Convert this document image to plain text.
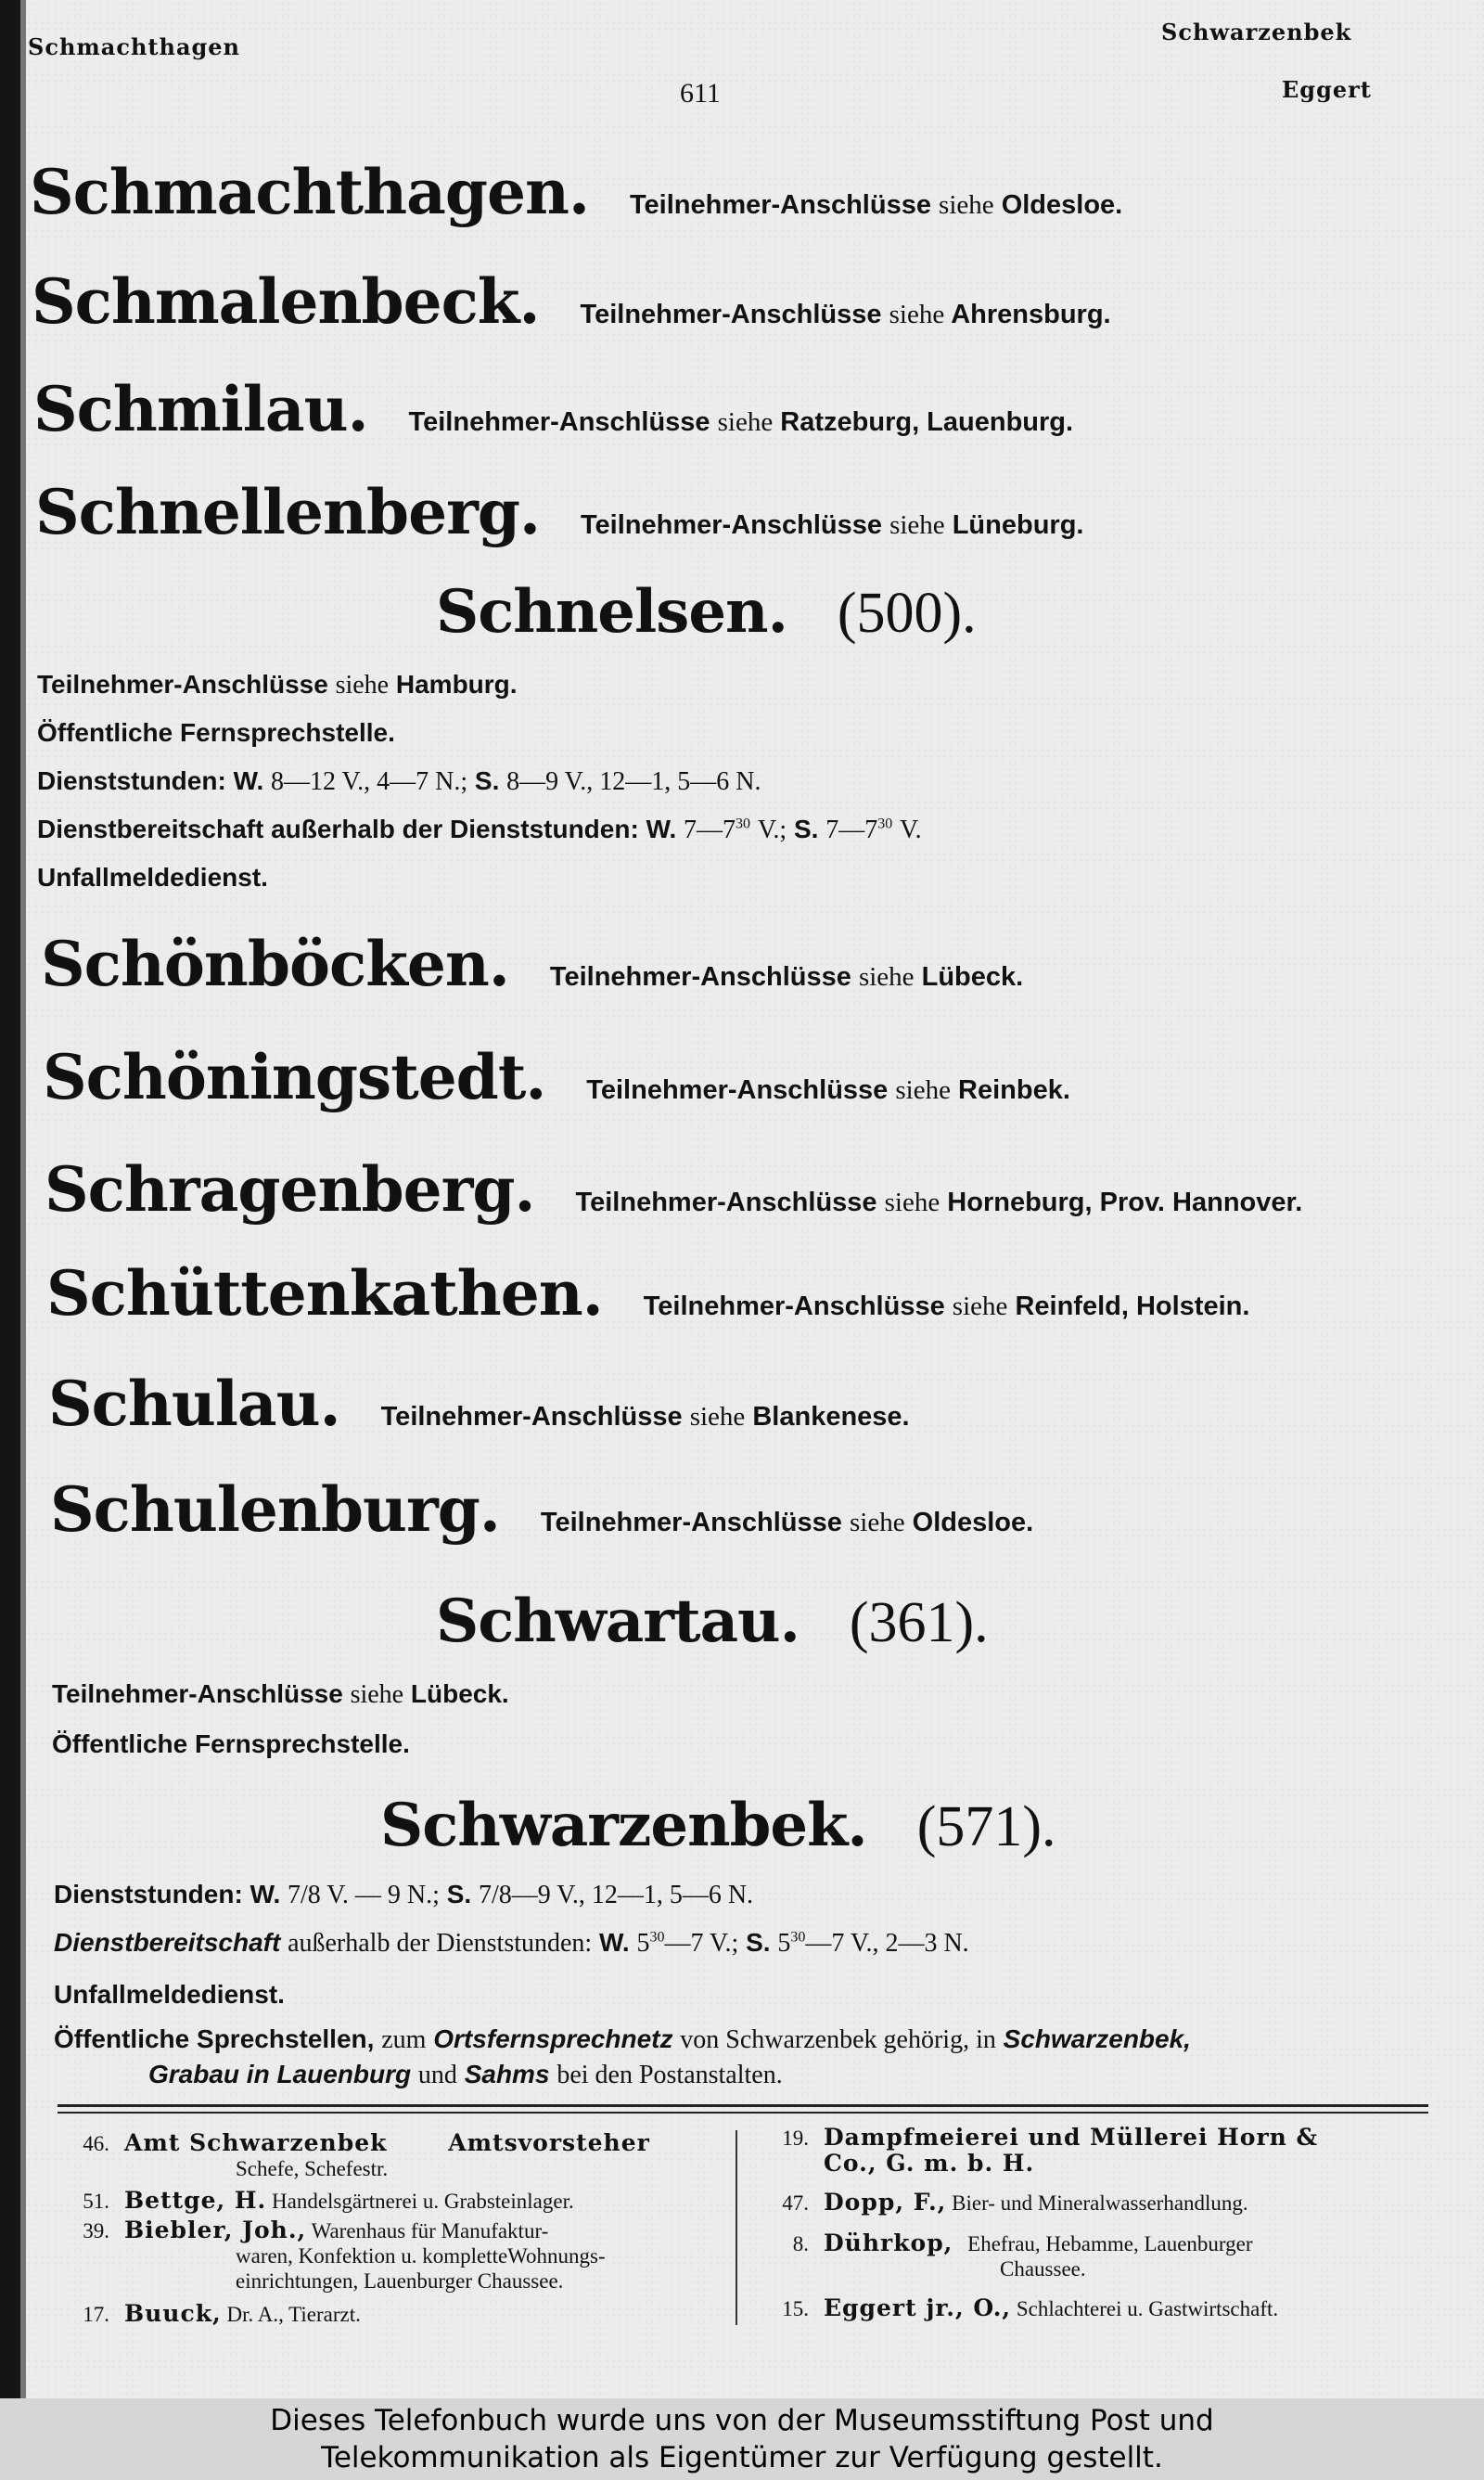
Schmachthagen
Schwarzenbek
611	Eggert
Schmachthagen. Teilnehmer-Anschlüsse siehe Oldesloe.
Schmalenbeck. Teilnehmer-Anschlüsse siehe Ahrensburg.
Schmilau. Teilnehmer-Anschlüsse siehe Ratzeburg, Lauenburg.
Schnellenberg. Teilnehmer-Anschlüsse siehe Lüneburg.
Schnelsen. (500).
Teilnehmer-Anschlüsse siehe Hamburg.
Öffentliche Fernsprechstelle.
Dienststunden: W. 8—12 V., 4—7 N.; S. 8—9 V., 12—1, 5—6 N.
Dienstbereitschaft außerhalb der Dienststunden: W. $7—7^{30}$ V.; S. $7—7^{30}$ V.
Unfallmeldedienst.
Schönböcken. Teilnehmer-Anschlüsse siehe Lübeck.
Schöningstedt. Teilnehmer-Anschlüsse siehe Reinbek.
Schragenberg. Teilnehmer-Anschlüsse siehe Horneburg, Prov. Hannover.
Schüttenkathen. Teilnehmer-Anschlüsse siehe Reinfeld, Holstein.
Schulau. Teilnehmer-Anschlüsse siehe Blankenese.
Schulenburg. Teilnehmer-Anschlüsse siehe Oldesloe.
Schwartau. (361).
Teilnehmer-Anschlüsse siehe Lübeck.
Öffentliche Fernsprechstelle.
Schwarzenbek. (571).
Dienststunden: W. 7/8 V. — 9 N.; S. 7/8—9 V., 12—1, 5—6 N.
Dienstbereitschaft außerhalb der Dienststunden: W. $5^{30}—7$ V.; S. $5^{30}—7$ V., 2—3 N.
Unfallmeldedienst.
Öffentliche Sprechstellen, zum Ortsfernsprechnetz von Schwarzenbek gehörig, in Schwarzenbek,
Grabau in Lauenburg und Sahms bei den Postanstalten.
46. Amt Schwarzenbek	Amtsvorsteher
Schefe, Schefestr.
51. Bettge, H. Handelsgärtnerei u. Grabsteinlager.
39. Biebler, Joh., Warenhaus für Manufaktur-
waren, Konfektion u. kompletteWohnungs-
einrichtungen, Lauenburger Chaussee.
17. Buuck, Dr. A., Tierarzt.
19. Dampfmeierei und Müllerei Horn &
Co., G. m. b. H.
47. Dopp, F., Bier- und Mineralwasserhandlung.
8. Dührkop, Ehefrau, Hebamme, Lauenburger
Chaussee.
15. Eggert jr., O., Schlachterei u. Gastwirtschaft.
Dieses Telefonbuch wurde uns von der Museumsstiftung Post und
Telekommunikation als Eigentümer zur Verfügung gestellt.
